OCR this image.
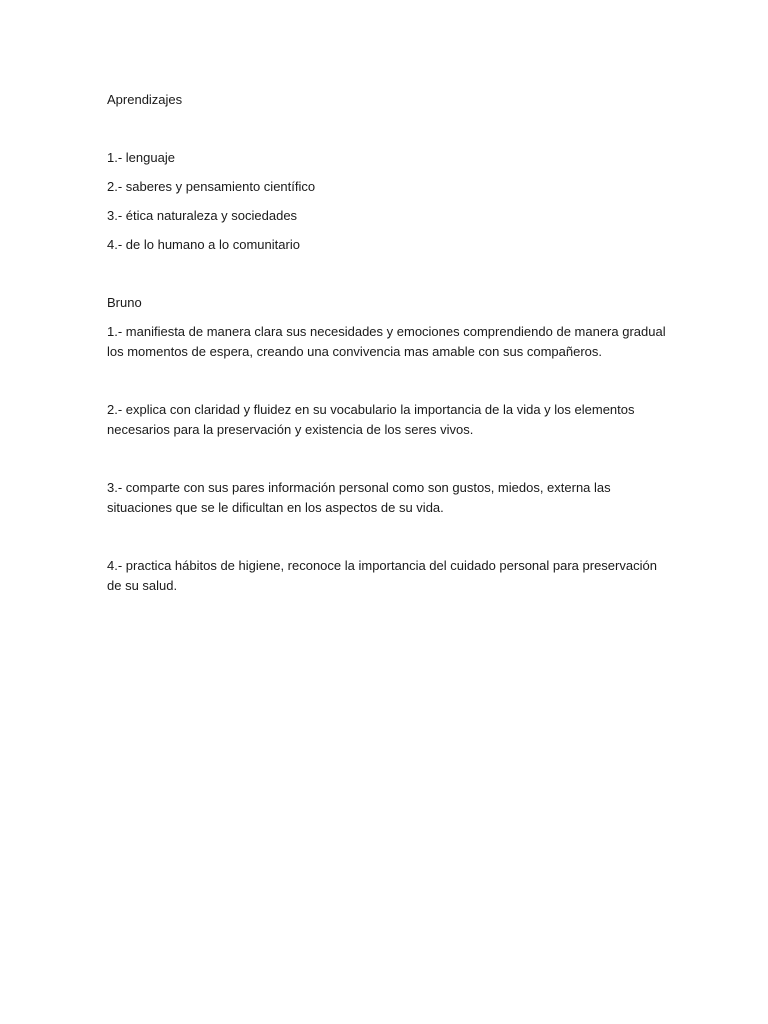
Aprendizajes

1.- lenguaje

2.- saberes y pensamiento científico

3.- ética naturaleza y sociedades

4.- de lo humano a lo comunitario

Bruno

1.- manifiesta de manera clara sus necesidades y emociones comprendiendo de manera gradual los momentos de espera, creando una convivencia mas amable con sus compañeros.

2.- explica con claridad y fluidez en su vocabulario la importancia de la vida y los elementos necesarios para la preservación y existencia de los seres vivos.

3.- comparte con sus pares información personal como son gustos, miedos, externa las situaciones que se le dificultan en los aspectos de su vida.

4.- practica hábitos de higiene, reconoce la importancia del cuidado personal para preservación de su salud.
